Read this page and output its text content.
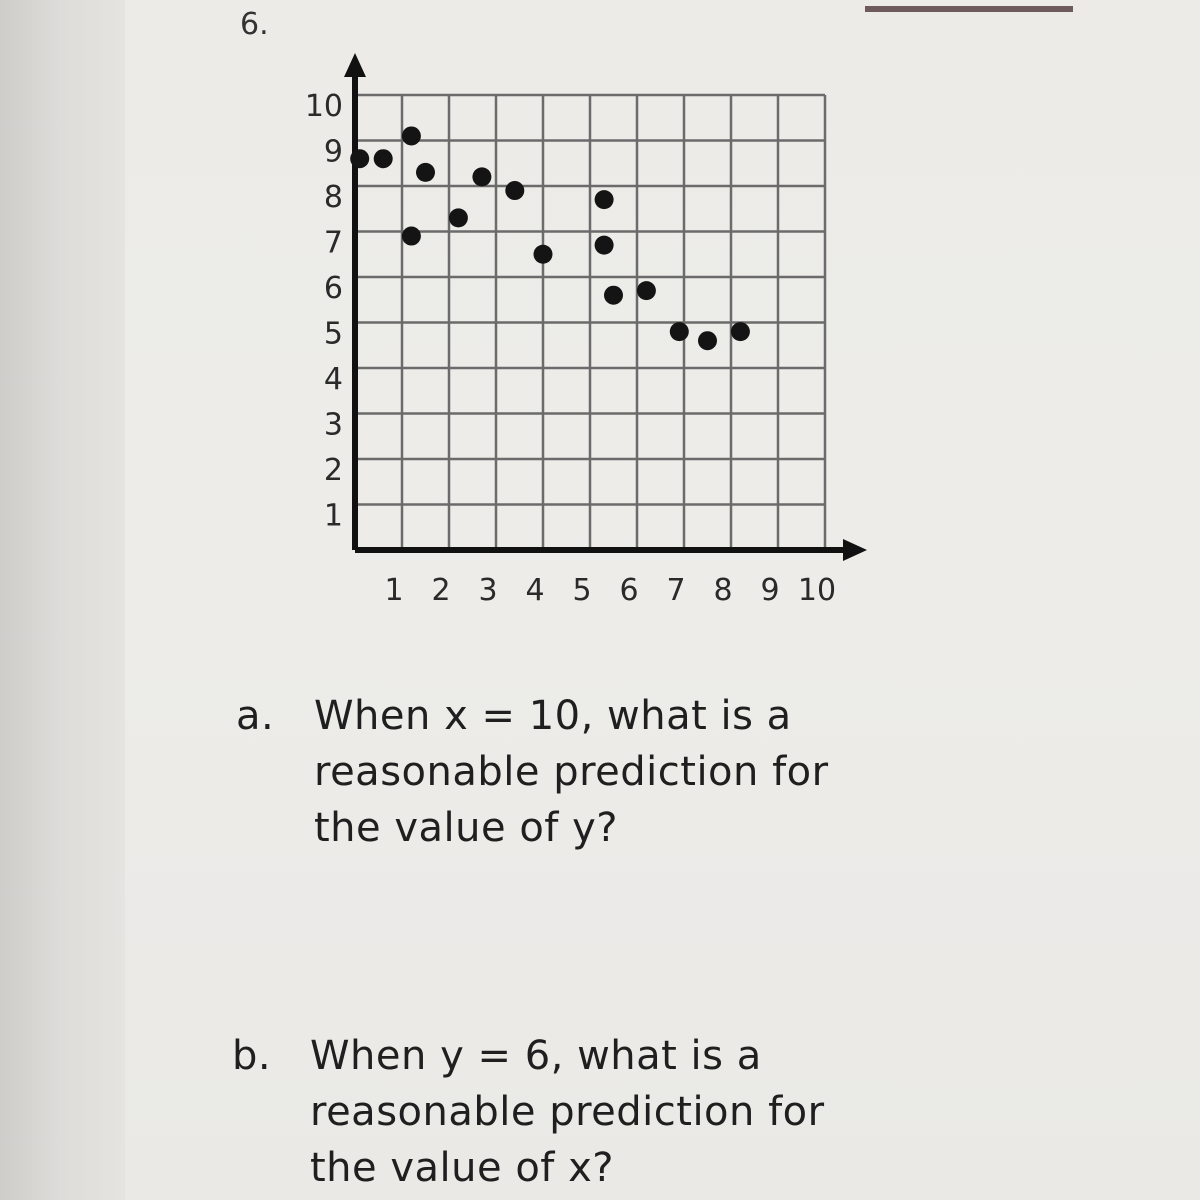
6.
1 2 3 4 5 6 7 8 9 10
1
2
3
4
5
6
7
8
9
10
a. When x = 10, what is a
reasonable prediction for
the value of y?
b. When y = 6, what is a
reasonable prediction for
the value of x?
